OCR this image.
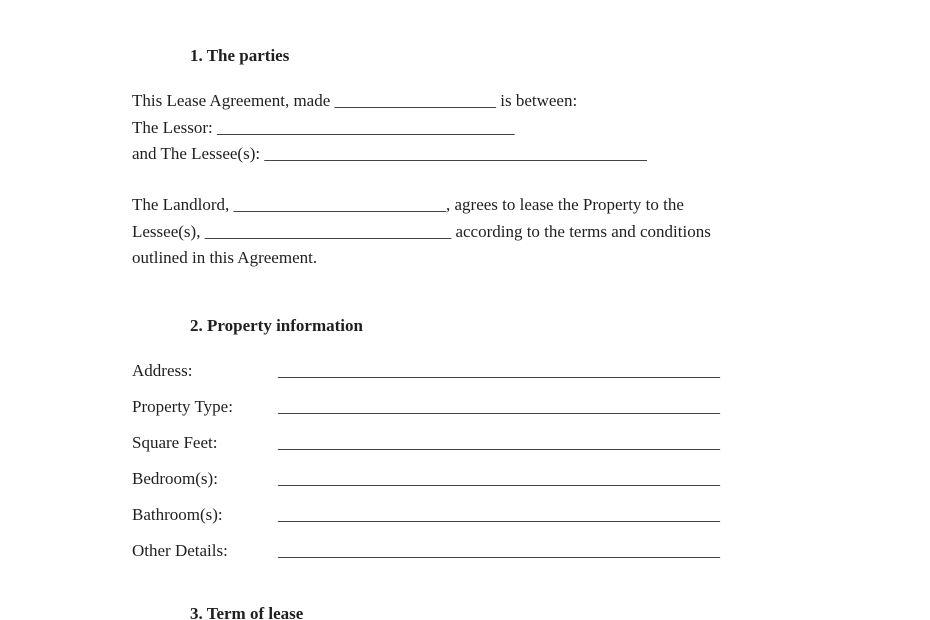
1. The parties
This Lease Agreement, made ___________________ is between:
The Lessor: ___________________________________
and The Lessee(s): _____________________________________________
The Landlord, _________________________, agrees to lease the Property to the
Lessee(s), _____________________________ according to the terms and conditions
outlined in this Agreement.
2. Property information
Address:	____________________________________________________
Property Type:	____________________________________________________
Square Feet:	____________________________________________________
Bedroom(s):	____________________________________________________
Bathroom(s):	____________________________________________________
Other Details:	____________________________________________________
3. Term of lease
